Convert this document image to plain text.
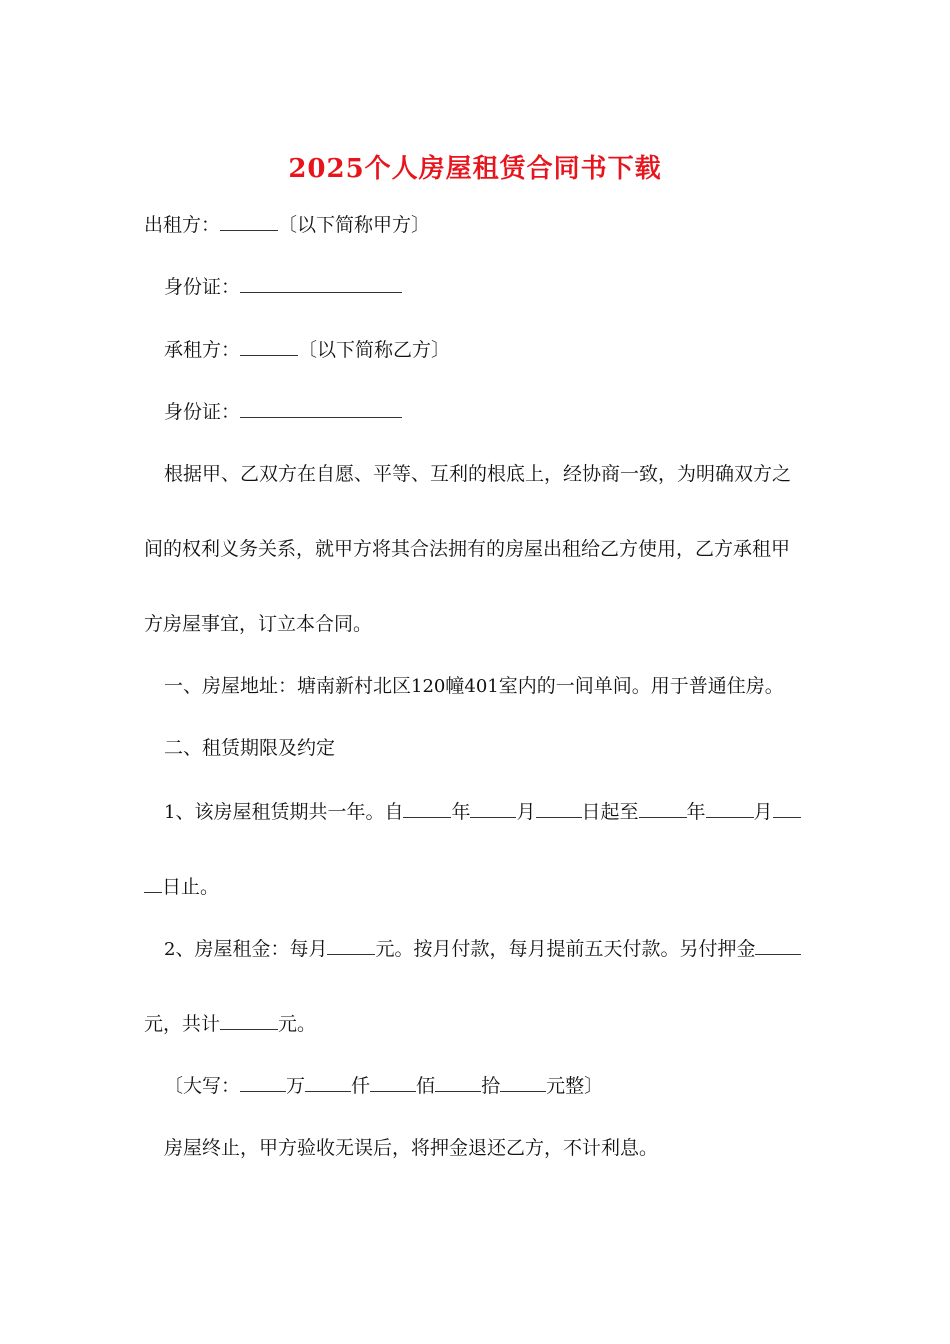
2025个人房屋租赁合同书下载
出租方：	〔以下简称甲方〕
身份证：
承租方：	〔以下简称乙方〕
身份证：
根据甲、乙双方在自愿、平等、互利的根底上，经协商一致，为明确双方之
间的权利义务关系，就甲方将其合法拥有的房屋出租给乙方使用，乙方承租甲
方房屋事宜，订立本合同。
一、房屋地址：塘南新村北区120幢401室内的一间单间。用于普通住房。
二、租赁期限及约定
1、该房屋租赁期共一年。自	年 月 日起至	年	月
日止。
2、房屋租金：每月	元。按月付款，每月提前五天付款。另付押金
元，共计	元。
〔大写： 万 仟 佰 拾 元整〕
房屋终止，甲方验收无误后，将押金退还乙方，不计利息。
